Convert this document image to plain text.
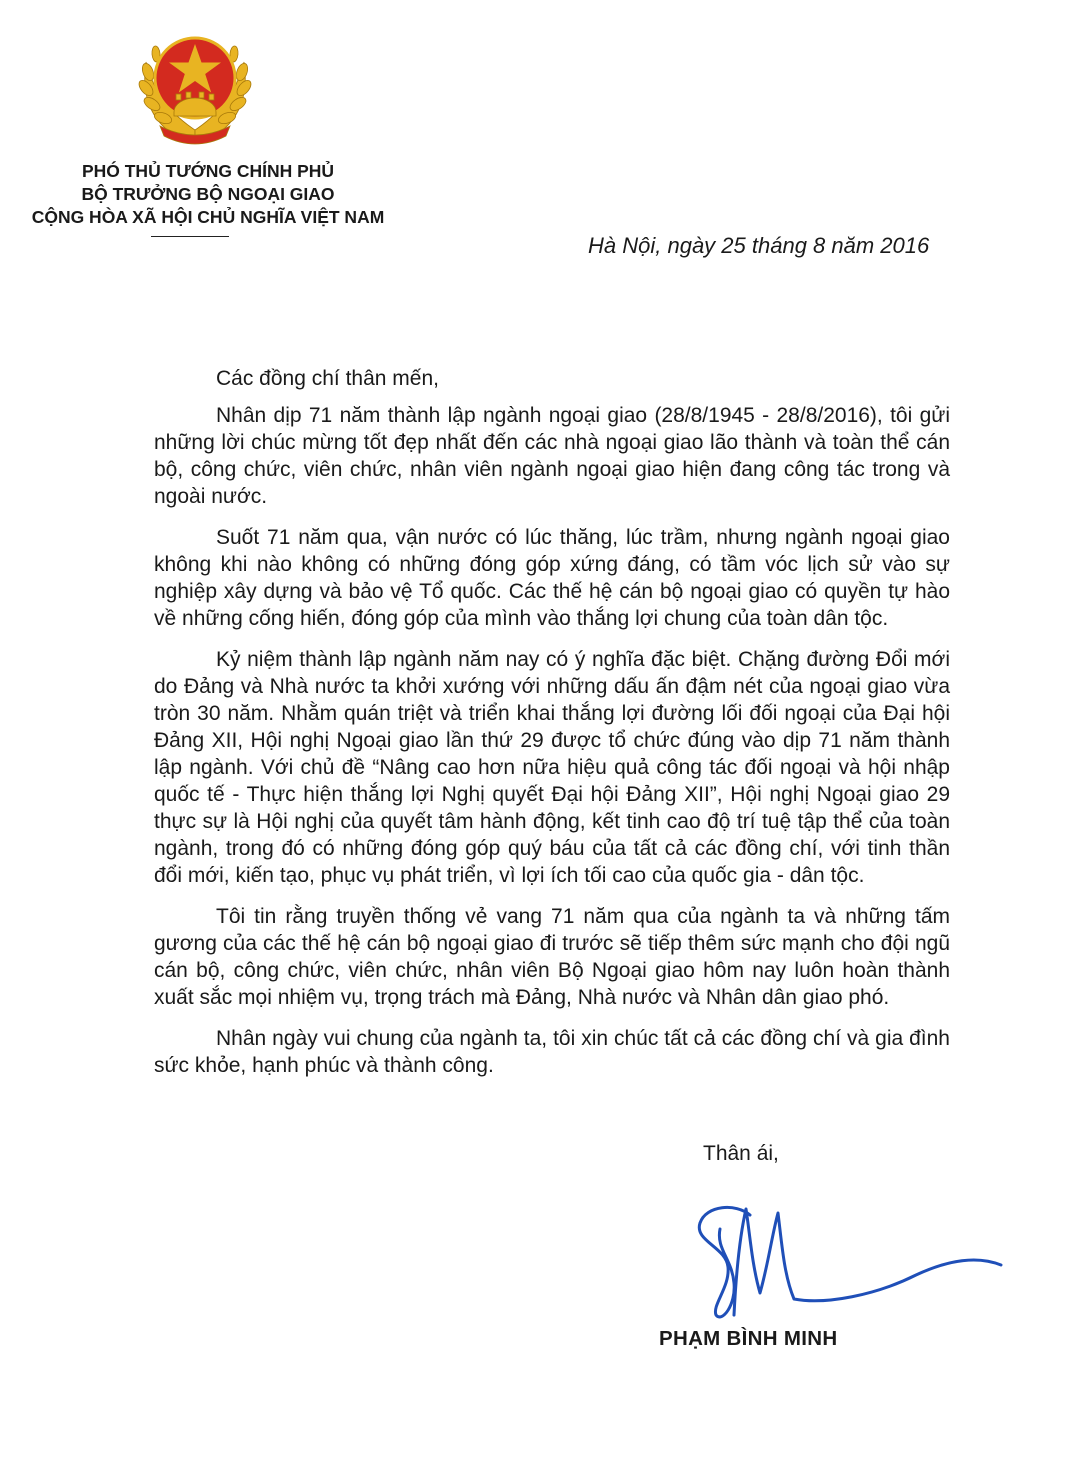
PHÓ THỦ TƯỚNG CHÍNH PHỦ
BỘ TRƯỞNG BỘ NGOẠI GIAO
CỘNG HÒA XÃ HỘI CHỦ NGHĨA VIỆT NAM
Hà Nội, ngày 25 tháng 8 năm 2016

Các đồng chí thân mến,

Nhân dịp 71 năm thành lập ngành ngoại giao (28/8/1945 - 28/8/2016), tôi gửi những lời chúc mừng tốt đẹp nhất đến các nhà ngoại giao lão thành và toàn thể cán bộ, công chức, viên chức, nhân viên ngành ngoại giao hiện đang công tác trong và ngoài nước.

Suốt 71 năm qua, vận nước có lúc thăng, lúc trầm, nhưng ngành ngoại giao không khi nào không có những đóng góp xứng đáng, có tầm vóc lịch sử vào sự nghiệp xây dựng và bảo vệ Tổ quốc. Các thế hệ cán bộ ngoại giao có quyền tự hào về những cống hiến, đóng góp của mình vào thắng lợi chung của toàn dân tộc.

Kỷ niệm thành lập ngành năm nay có ý nghĩa đặc biệt. Chặng đường Đổi mới do Đảng và Nhà nước ta khởi xướng với những dấu ấn đậm nét của ngoại giao vừa tròn 30 năm. Nhằm quán triệt và triển khai thắng lợi đường lối đối ngoại của Đại hội Đảng XII, Hội nghị Ngoại giao lần thứ 29 được tổ chức đúng vào dịp 71 năm thành lập ngành. Với chủ đề “Nâng cao hơn nữa hiệu quả công tác đối ngoại và hội nhập quốc tế - Thực hiện thắng lợi Nghị quyết Đại hội Đảng XII”, Hội nghị Ngoại giao 29 thực sự là Hội nghị của quyết tâm hành động, kết tinh cao độ trí tuệ tập thể của toàn ngành, trong đó có những đóng góp quý báu của tất cả các đồng chí, với tinh thần đổi mới, kiến tạo, phục vụ phát triển, vì lợi ích tối cao của quốc gia - dân tộc.

Tôi tin rằng truyền thống vẻ vang 71 năm qua của ngành ta và những tấm gương của các thế hệ cán bộ ngoại giao đi trước sẽ tiếp thêm sức mạnh cho đội ngũ cán bộ, công chức, viên chức, nhân viên Bộ Ngoại giao hôm nay luôn hoàn thành xuất sắc mọi nhiệm vụ, trọng trách mà Đảng, Nhà nước và Nhân dân giao phó.

Nhân ngày vui chung của ngành ta, tôi xin chúc tất cả các đồng chí và gia đình sức khỏe, hạnh phúc và thành công.

Thân ái,
PHẠM BÌNH MINH
